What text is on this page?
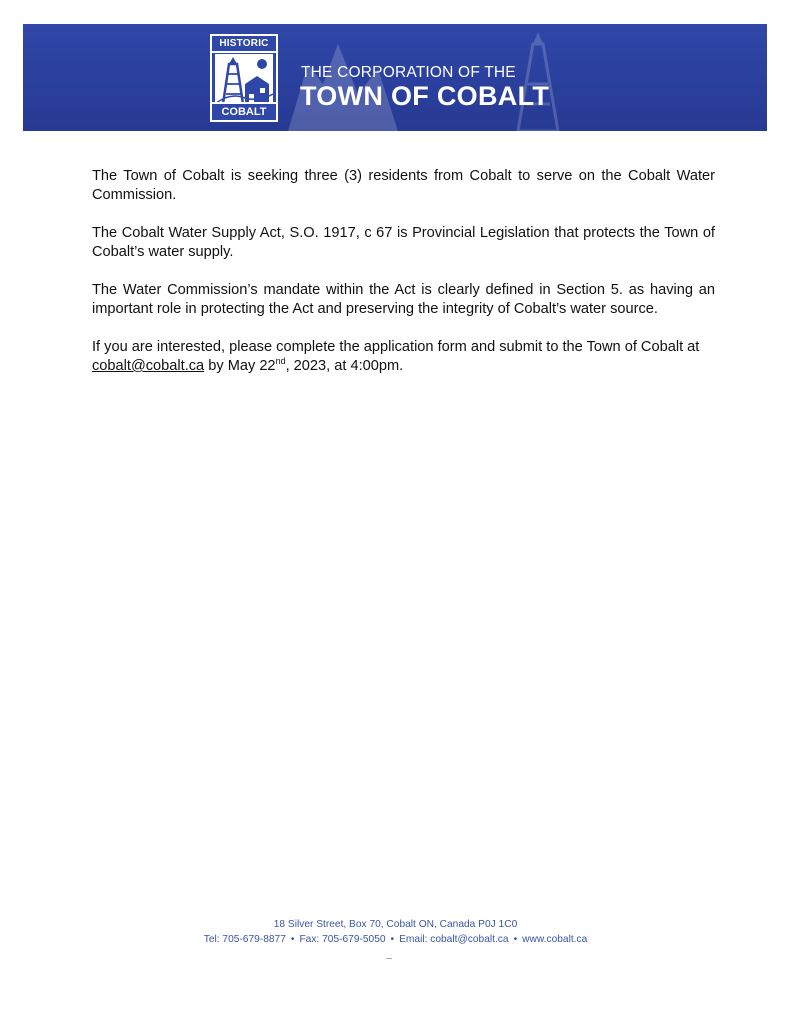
HISTORIC
COBALT
THE CORPORATION OF THE
TOWN OF COBALT

The Town of Cobalt is seeking three (3) residents from Cobalt to serve on the Cobalt Water Commission.

The Cobalt Water Supply Act, S.O. 1917, c 67 is Provincial Legislation that protects the Town of Cobalt’s water supply.

The Water Commission’s mandate within the Act is clearly defined in Section 5. as having an important role in protecting the Act and preserving the integrity of Cobalt’s water source.

If you are interested, please complete the application form and submit to the Town of Cobalt at cobalt@cobalt.ca by May 22nd, 2023, at 4:00pm.

18 Silver Street, Box 70, Cobalt ON, Canada P0J 1C0
Tel: 705-679-8877 • Fax: 705-679-5050 • Email: cobalt@cobalt.ca • www.cobalt.ca
